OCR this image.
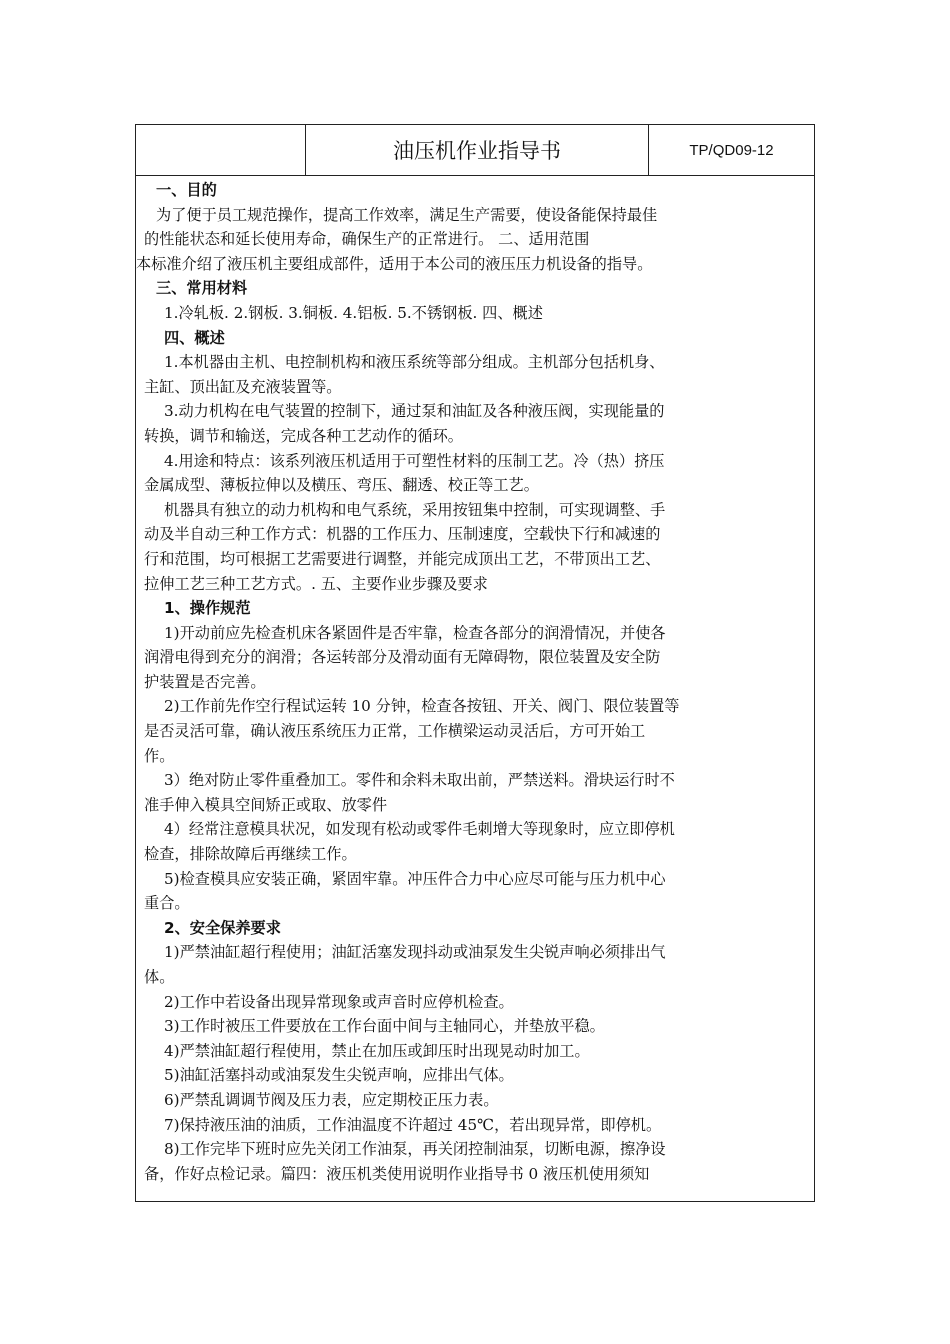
油压机作业指导书	TP/QD09-12

一、目的

为了便于员工规范操作，提高工作效率，满足生产需要，使设备能保持最佳

的性能状态和延长使用寿命，确保生产的正常进行。 二、适用范围

本标准介绍了液压机主要组成部件，适用于本公司的液压压力机设备的指导。

三、常用材料

1.冷轧板. 2.钢板. 3.铜板. 4.铝板. 5.不锈钢板. 四、概述

四、概述

1.本机器由主机、电控制机构和液压系统等部分组成。主机部分包括机身、

主缸、顶出缸及充液装置等。

3.动力机构在电气装置的控制下，通过泵和油缸及各种液压阀，实现能量的

转换，调节和输送，完成各种工艺动作的循环。

4.用途和特点：该系列液压机适用于可塑性材料的压制工艺。冷（热）挤压

金属成型、薄板拉伸以及横压、弯压、翻透、校正等工艺。

机器具有独立的动力机构和电气系统，采用按钮集中控制，可实现调整、手

动及半自动三种工作方式：机器的工作压力、压制速度，空载快下行和减速的

行和范围，均可根据工艺需要进行调整，并能完成顶出工艺，不带顶出工艺、

拉伸工艺三种工艺方式。. 五、主要作业步骤及要求

1、操作规范

1)开动前应先检查机床各紧固件是否牢靠，检查各部分的润滑情况，并使各

润滑电得到充分的润滑；各运转部分及滑动面有无障碍物，限位装置及安全防

护装置是否完善。

2)工作前先作空行程试运转 10 分钟，检查各按钮、开关、阀门、限位装置等

是否灵活可靠，确认液压系统压力正常，工作横梁运动灵活后，方可开始工

作。

3）绝对防止零件重叠加工。零件和余料未取出前，严禁送料。滑块运行时不

准手伸入模具空间矫正或取、放零件

4）经常注意模具状况，如发现有松动或零件毛刺增大等现象时，应立即停机

检查，排除故障后再继续工作。

5)检查模具应安装正确，紧固牢靠。冲压件合力中心应尽可能与压力机中心

重合。

2、安全保养要求

1)严禁油缸超行程使用；油缸活塞发现抖动或油泵发生尖锐声响必须排出气

体。

2)工作中若设备出现异常现象或声音时应停机检查。

3)工作时被压工件要放在工作台面中间与主轴同心，并垫放平稳。

4)严禁油缸超行程使用，禁止在加压或卸压时出现晃动时加工。

5)油缸活塞抖动或油泵发生尖锐声响，应排出气体。

6)严禁乱调调节阀及压力表，应定期校正压力表。

7)保持液压油的油质，工作油温度不许超过 45℃，若出现异常，即停机。

8)工作完毕下班时应先关闭工作油泵，再关闭控制油泵，切断电源，擦净设

备，作好点检记录。篇四：液压机类使用说明作业指导书 0 液压机使用须知
